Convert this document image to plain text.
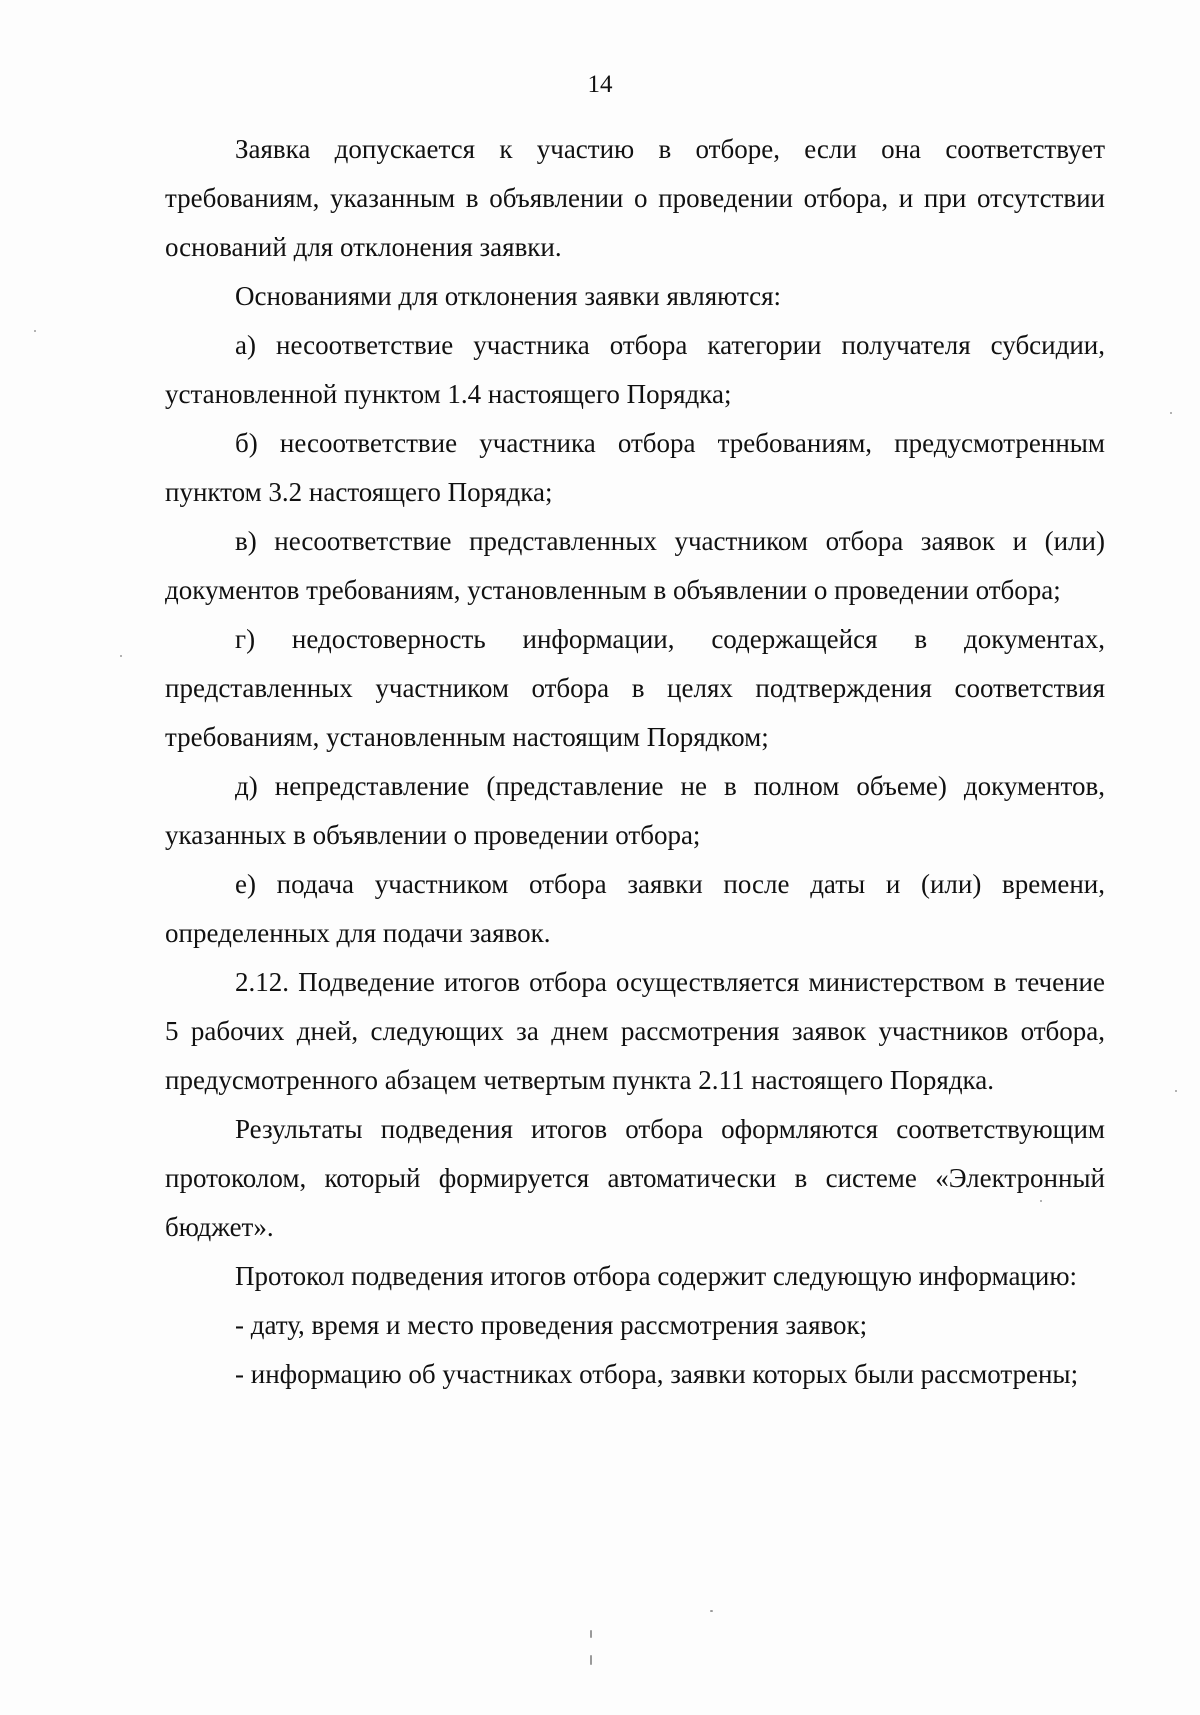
14

Заявка допускается к участию в отборе, если она соответствует требованиям, указанным в объявлении о проведении отбора, и при отсутствии оснований для отклонения заявки.

Основаниями для отклонения заявки являются:

а) несоответствие участника отбора категории получателя субсидии, установленной пунктом 1.4 настоящего Порядка;

б) несоответствие участника отбора требованиям, предусмотренным пунктом 3.2 настоящего Порядка;

в) несоответствие представленных участником отбора заявок и (или) документов требованиям, установленным в объявлении о проведении отбора;

г) недостоверность информации, содержащейся в документах, представленных участником отбора в целях подтверждения соответствия требованиям, установленным настоящим Порядком;

д) непредставление (представление не в полном объеме) документов, указанных в объявлении о проведении отбора;

е) подача участником отбора заявки после даты и (или) времени, определенных для подачи заявок.

2.12. Подведение итогов отбора осуществляется министерством в течение 5 рабочих дней, следующих за днем рассмотрения заявок участников отбора, предусмотренного абзацем четвертым пункта 2.11 настоящего Порядка.

Результаты подведения итогов отбора оформляются соответствующим протоколом, который формируется автоматически в системе «Электронный бюджет».

Протокол подведения итогов отбора содержит следующую информацию:

- дату, время и место проведения рассмотрения заявок;

- информацию об участниках отбора, заявки которых были рассмотрены;
